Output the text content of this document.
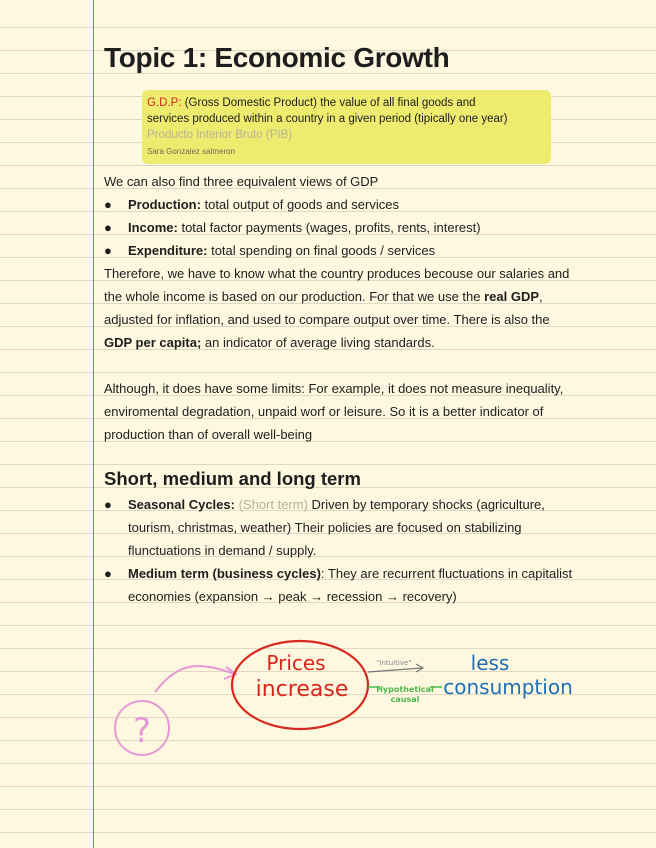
Topic 1: Economic Growth
G.D.P: (Gross Domestic Product) the value of all final goods and
services produced within a country in a given period (tipically one year)
Producto Interior Bruto (PIB)
Sara Gonzalez salmeron
We can also find three equivalent views of GDP
● Production: total output of goods and services
● Income: total factor payments (wages, profits, rents, interest)
● Expenditure: total spending on final goods / services
Therefore, we have to know what the country produces becouse our salaries and
the whole income is based on our production. For that we use the real GDP,
adjusted for inflation, and used to compare output over time. There is also the
GDP per capita; an indicator of average living standards.
Although, it does have some limits: For example, it does not measure inequality,
enviromental degradation, unpaid worf or leisure. So it is a better indicator of
production than of overall well-being
Short, medium and long term
● Seasonal Cycles: (Short term) Driven by temporary shocks (agriculture,
tourism, christmas, weather) Their policies are focused on stabilizing
flunctuations in demand / supply.
● Medium term (business cycles): They are recurrent fluctuations in capitalist
economies (expansion → peak → recession → recovery)
?
Prices
increase
"intuitive"
Hypothetical
causal
less
consumption
